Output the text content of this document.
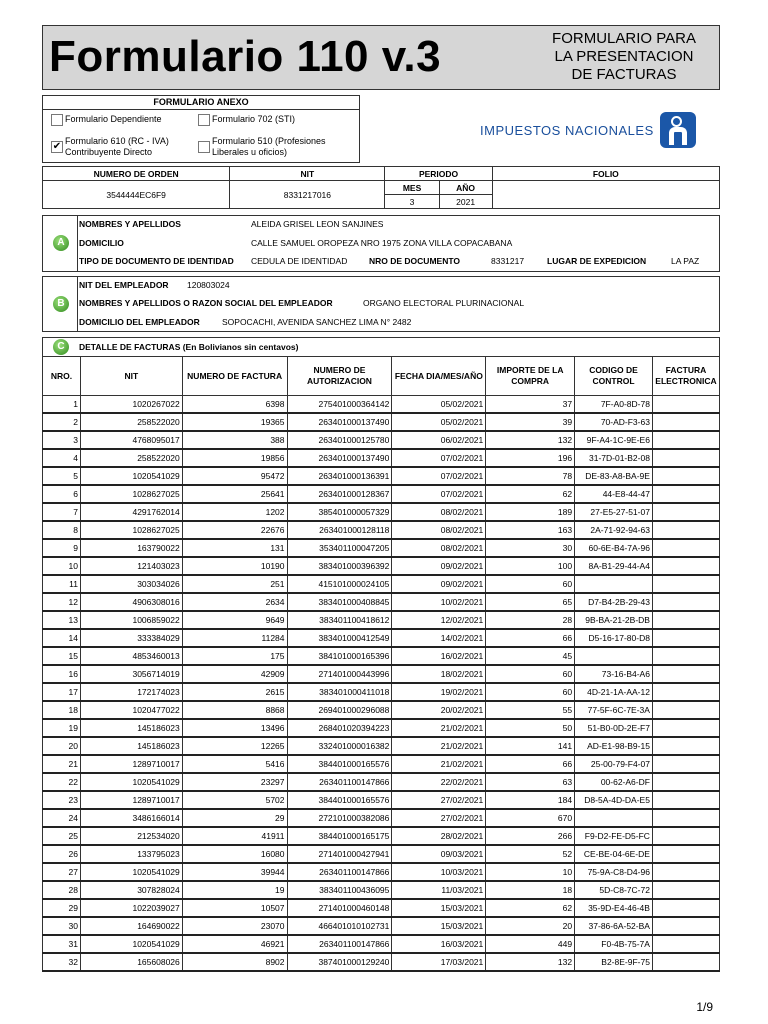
Formulario 110 v.3	FORMULARIO PARA
LA PRESENTACION
DE FACTURAS
FORMULARIO ANEXO
Formulario Dependiente	Formulario 702 (STI)
✔ Formulario 610 (RC - IVA) Contribuyente Directo
Formulario 510 (Profesiones Liberales u oficios)
IMPUESTOS NACIONALES
NUMERO DE ORDEN	NIT	PERIODO		FOLIO
3544444EC6F9	8331217016	MES	AÑO	
		3	2021	
A
NOMBRES Y APELLIDOS	ALEIDA GRISEL LEON SANJINES
DOMICILIO	CALLE SAMUEL OROPEZA NRO 1975 ZONA VILLA COPACABANA
TIPO DE DOCUMENTO DE IDENTIDAD	CEDULA DE IDENTIDAD	NRO DE DOCUMENTO	8331217	LUGAR DE EXPEDICION	LA PAZ
B
NIT DEL EMPLEADOR	120803024
NOMBRES Y APELLIDOS O RAZON SOCIAL DEL EMPLEADOR	ORGANO ELECTORAL PLURINACIONAL
DOMICILIO DEL EMPLEADOR	SOPOCACHI, AVENIDA SANCHEZ LIMA N° 2482
C DETALLE DE FACTURAS (En Bolivianos sin centavos)							
NRO.	NIT	NUMERO DE FACTURA	NUMERO DE AUTORIZACION	FECHA DIA/MES/AÑO	IMPORTE DE LA COMPRA	CODIGO DE CONTROL	FACTURA ELECTRONICA
1	1020267022	6398	275401000364142	05/02/2021	37	7F-A0-8D-78	
2	258522020	19365	263401000137490	05/02/2021	39	70-AD-F3-63	
3	4768095017	388	263401000125780	06/02/2021	132	9F-A4-1C-9E-E6	
4	258522020	19856	263401000137490	07/02/2021	196	31-7D-01-B2-08	
5	1020541029	95472	263401000136391	07/02/2021	78	DE-83-A8-BA-9E	
6	1028627025	25641	263401000128367	07/02/2021	62	44-E8-44-47	
7	4291762014	1202	385401000057329	08/02/2021	189	27-E5-27-51-07	
8	1028627025	22676	263401000128118	08/02/2021	163	2A-71-92-94-63	
9	163790022	131	353401100047205	08/02/2021	30	60-6E-B4-7A-96	
10	121403023	10190	383401000396392	09/02/2021	100	8A-B1-29-44-A4	
11	303034026	251	415101000024105	09/02/2021	60		
12	4906308016	2634	383401000408845	10/02/2021	65	D7-B4-2B-29-43	
13	1006859022	9649	383401100418612	12/02/2021	28	9B-BA-21-2B-DB	
14	333384029	11284	383401000412549	14/02/2021	66	D5-16-17-80-D8	
15	4853460013	175	384101000165396	16/02/2021	45		
16	3056714019	42909	271401000443996	18/02/2021	60	73-16-B4-A6	
17	172174023	2615	383401000411018	19/02/2021	60	4D-21-1A-AA-12	
18	1020477022	8868	269401000296088	20/02/2021	55	77-5F-6C-7E-3A	
19	145186023	13496	268401020394223	21/02/2021	50	51-B0-0D-2E-F7	
20	145186023	12265	332401000016382	21/02/2021	141	AD-E1-98-B9-15	
21	1289710017	5416	384401000165576	21/02/2021	66	25-00-79-F4-07	
22	1020541029	23297	263401100147866	22/02/2021	63	00-62-A6-DF	
23	1289710017	5702	384401000165576	27/02/2021	184	D8-5A-4D-DA-E5	
24	3486166014	29	272101000382086	27/02/2021	670		
25	212534020	41911	384401000165175	28/02/2021	266	F9-D2-FE-D5-FC	
26	133795023	16080	271401000427941	09/03/2021	52	CE-BE-04-6E-DE	
27	1020541029	39944	263401100147866	10/03/2021	10	75-9A-C8-D4-96	
28	307828024	19	383401100436095	11/03/2021	18	5D-C8-7C-72	
29	1022039027	10507	271401000460148	15/03/2021	62	35-9D-E4-46-4B	
30	164690022	23070	466401010102731	15/03/2021	20	37-86-6A-52-BA	
31	1020541029	46921	263401100147866	16/03/2021	449	F0-4B-75-7A	
32	165608026	8902	387401000129240	17/03/2021	132	B2-8E-9F-75	
1/9
